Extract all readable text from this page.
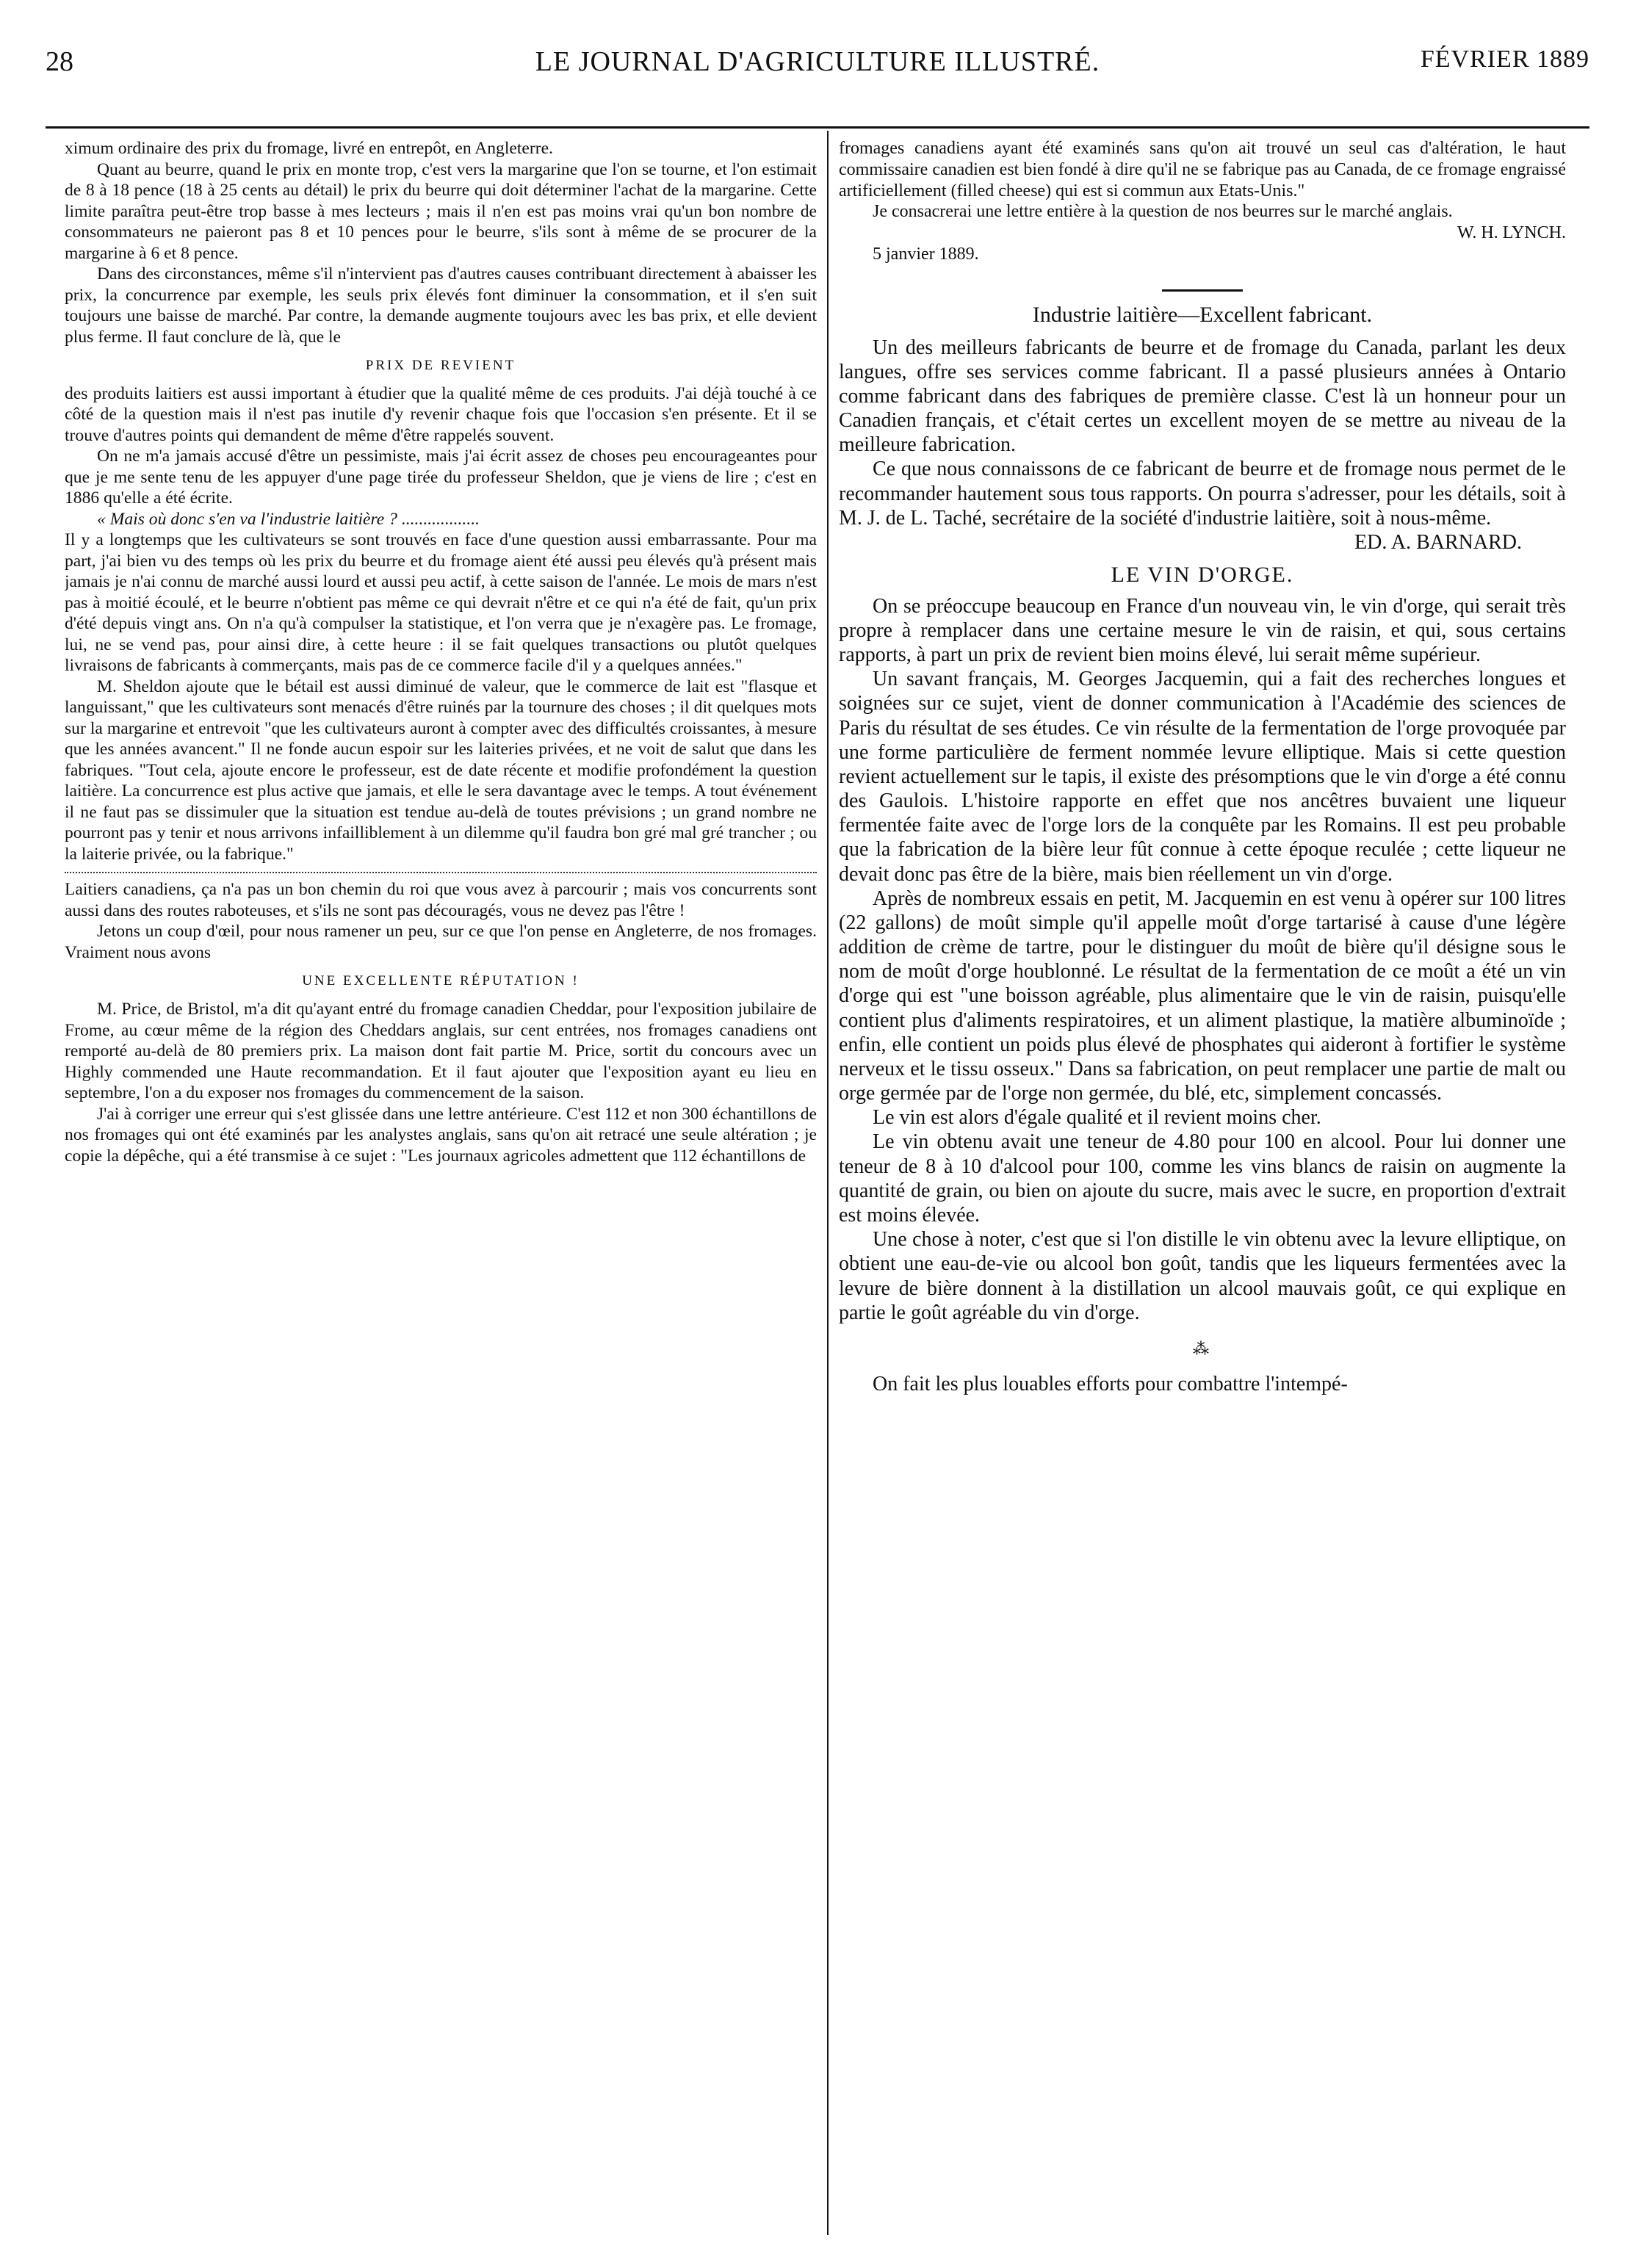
28	LE JOURNAL D'AGRICULTURE ILLUSTRÉ.	FÉVRIER 1889

ximum ordinaire des prix du fromage, livré en entrepôt, en Angleterre.

Quant au beurre, quand le prix en monte trop, c'est vers la margarine que l'on se tourne, et l'on estimait de 8 à 18 pence (18 à 25 cents au détail) le prix du beurre qui doit déterminer l'achat de la margarine. Cette limite paraîtra peut-être trop basse à mes lecteurs ; mais il n'en est pas moins vrai qu'un bon nombre de consommateurs ne paieront pas 8 et 10 pences pour le beurre, s'ils sont à même de se procurer de la margarine à 6 et 8 pence.

Dans des circonstances, même s'il n'intervient pas d'autres causes contribuant directement à abaisser les prix, la concurrence par exemple, les seuls prix élevés font diminuer la consommation, et il s'en suit toujours une baisse de marché. Par contre, la demande augmente toujours avec les bas prix, et elle devient plus ferme. Il faut conclure de là, que le

PRIX DE REVIENT

des produits laitiers est aussi important à étudier que la qualité même de ces produits. J'ai déjà touché à ce côté de la question mais il n'est pas inutile d'y revenir chaque fois que l'occasion s'en présente. Et il se trouve d'autres points qui demandent de même d'être rappelés souvent.

On ne m'a jamais accusé d'être un pessimiste, mais j'ai écrit assez de choses peu encourageantes pour que je me sente tenu de les appuyer d'une page tirée du professeur Sheldon, que je viens de lire ; c'est en 1886 qu'elle a été écrite.

« Mais où donc s'en va l'industrie laitière ? ..................

Il y a longtemps que les cultivateurs se sont trouvés en face d'une question aussi embarrassante. Pour ma part, j'ai bien vu des temps où les prix du beurre et du fromage aient été aussi peu élevés qu'à présent mais jamais je n'ai connu de marché aussi lourd et aussi peu actif, à cette saison de l'année. Le mois de mars n'est pas à moitié écoulé, et le beurre n'obtient pas même ce qui devrait n'être et ce qui n'a été de fait, qu'un prix d'été depuis vingt ans. On n'a qu'à compulser la statistique, et l'on verra que je n'exagère pas. Le fromage, lui, ne se vend pas, pour ainsi dire, à cette heure : il se fait quelques transactions ou plutôt quelques livraisons de fabricants à commerçants, mais pas de ce commerce facile d'il y a quelques années."

M. Sheldon ajoute que le bétail est aussi diminué de valeur, que le commerce de lait est "flasque et languissant," que les cultivateurs sont menacés d'être ruinés par la tournure des choses ; il dit quelques mots sur la margarine et entrevoit "que les cultivateurs auront à compter avec des difficultés croissantes, à mesure que les années avancent." Il ne fonde aucun espoir sur les laiteries privées, et ne voit de salut que dans les fabriques. "Tout cela, ajoute encore le professeur, est de date récente et modifie profondément la question laitière. La concurrence est plus active que jamais, et elle le sera davantage avec le temps. A tout événement il ne faut pas se dissimuler que la situation est tendue au-delà de toutes prévisions ; un grand nombre ne pourront pas y tenir et nous arrivons infailliblement à un dilemme qu'il faudra bon gré mal gré trancher ; ou la laiterie privée, ou la fabrique."

Laitiers canadiens, ça n'a pas un bon chemin du roi que vous avez à parcourir ; mais vos concurrents sont aussi dans des routes raboteuses, et s'ils ne sont pas découragés, vous ne devez pas l'être !

Jetons un coup d'œil, pour nous ramener un peu, sur ce que l'on pense en Angleterre, de nos fromages. Vraiment nous avons

UNE EXCELLENTE RÉPUTATION !

M. Price, de Bristol, m'a dit qu'ayant entré du fromage canadien Cheddar, pour l'exposition jubilaire de Frome, au cœur même de la région des Cheddars anglais, sur cent entrées, nos fromages canadiens ont remporté au-delà de 80 premiers prix. La maison dont fait partie M. Price, sortit du concours avec un Highly commended une Haute recommandation. Et il faut ajouter que l'exposition ayant eu lieu en septembre, l'on a du exposer nos fromages du commencement de la saison.

J'ai à corriger une erreur qui s'est glissée dans une lettre antérieure. C'est 112 et non 300 échantillons de nos fromages qui ont été examinés par les analystes anglais, sans qu'on ait retracé une seule altération ; je copie la dépêche, qui a été transmise à ce sujet : "Les journaux agricoles admettent que 112 échantillons de

fromages canadiens ayant été examinés sans qu'on ait trouvé un seul cas d'altération, le haut commissaire canadien est bien fondé à dire qu'il ne se fabrique pas au Canada, de ce fromage engraissé artificiellement (filled cheese) qui est si commun aux Etats-Unis."

Je consacrerai une lettre entière à la question de nos beurres sur le marché anglais.

W. H. LYNCH.
5 janvier 1889.
Industrie laitière—Excellent fabricant.

Un des meilleurs fabricants de beurre et de fromage du Canada, parlant les deux langues, offre ses services comme fabricant. Il a passé plusieurs années à Ontario comme fabricant dans des fabriques de première classe. C'est là un honneur pour un Canadien français, et c'était certes un excellent moyen de se mettre au niveau de la meilleure fabrication.

Ce que nous connaissons de ce fabricant de beurre et de fromage nous permet de le recommander hautement sous tous rapports. On pourra s'adresser, pour les détails, soit à M. J. de L. Taché, secrétaire de la société d'industrie laitière, soit à nous-même.

ED. A. BARNARD.
LE VIN D'ORGE.

On se préoccupe beaucoup en France d'un nouveau vin, le vin d'orge, qui serait très propre à remplacer dans une certaine mesure le vin de raisin, et qui, sous certains rapports, à part un prix de revient bien moins élevé, lui serait même supérieur.

Un savant français, M. Georges Jacquemin, qui a fait des recherches longues et soignées sur ce sujet, vient de donner communication à l'Académie des sciences de Paris du résultat de ses études. Ce vin résulte de la fermentation de l'orge provoquée par une forme particulière de ferment nommée levure elliptique. Mais si cette question revient actuellement sur le tapis, il existe des présomptions que le vin d'orge a été connu des Gaulois. L'histoire rapporte en effet que nos ancêtres buvaient une liqueur fermentée faite avec de l'orge lors de la conquête par les Romains. Il est peu probable que la fabrication de la bière leur fût connue à cette époque reculée ; cette liqueur ne devait donc pas être de la bière, mais bien réellement un vin d'orge.

Après de nombreux essais en petit, M. Jacquemin en est venu à opérer sur 100 litres (22 gallons) de moût simple qu'il appelle moût d'orge tartarisé à cause d'une légère addition de crème de tartre, pour le distinguer du moût de bière qu'il désigne sous le nom de moût d'orge houblonné. Le résultat de la fermentation de ce moût a été un vin d'orge qui est "une boisson agréable, plus alimentaire que le vin de raisin, puisqu'elle contient plus d'aliments respiratoires, et un aliment plastique, la matière albuminoïde ; enfin, elle contient un poids plus élevé de phosphates qui aideront à fortifier le système nerveux et le tissu osseux." Dans sa fabrication, on peut remplacer une partie de malt ou orge germée par de l'orge non germée, du blé, etc, simplement concassés.

Le vin est alors d'égale qualité et il revient moins cher.

Le vin obtenu avait une teneur de 4.80 pour 100 en alcool. Pour lui donner une teneur de 8 à 10 d'alcool pour 100, comme les vins blancs de raisin on augmente la quantité de grain, ou bien on ajoute du sucre, mais avec le sucre, en proportion d'extrait est moins élevée.

Une chose à noter, c'est que si l'on distille le vin obtenu avec la levure elliptique, on obtient une eau-de-vie ou alcool bon goût, tandis que les liqueurs fermentées avec la levure de bière donnent à la distillation un alcool mauvais goût, ce qui explique en partie le goût agréable du vin d'orge.

⁂

On fait les plus louables efforts pour combattre l'intempé-
